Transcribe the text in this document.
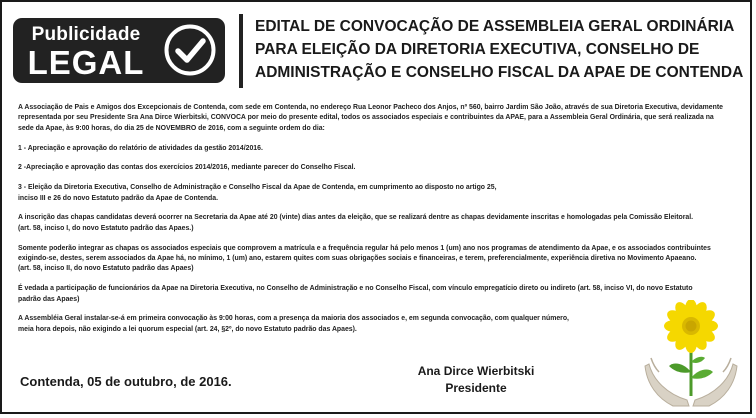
Publicidade
LEGAL
EDITAL DE CONVOCAÇÃO DE ASSEMBLEIA GERAL ORDINÁRIA
PARA ELEIÇÃO DA DIRETORIA EXECUTIVA, CONSELHO DE
ADMINISTRAÇÃO E CONSELHO FISCAL DA APAE DE CONTENDA

A Associação de Pais e Amigos dos Excepcionais de Contenda, com sede em Contenda, no endereço Rua Leonor Pacheco dos Anjos, nº 560, bairro Jardim São João, através de sua Diretoria Executiva, devidamente
representada por seu Presidente Sra Ana Dirce Wierbitski, CONVOCA por meio do presente edital, todos os associados especiais e contribuintes da APAE, para a Assembleia Geral Ordinária, que será realizada na
sede da Apae, às 9:00 horas, do dia 25 de NOVEMBRO de 2016, com a seguinte ordem do dia:

1 - Apreciação e aprovação do relatório de atividades da gestão 2014/2016.

2 -Apreciação e aprovação das contas dos exercícios 2014/2016, mediante parecer do Conselho Fiscal.

3 - Eleição da Diretoria Executiva, Conselho de Administração e Conselho Fiscal da Apae de Contenda, em cumprimento ao disposto no artigo 25,
inciso III e 26 do novo Estatuto padrão da Apae de Contenda.

A inscrição das chapas candidatas deverá ocorrer na Secretaria da Apae até 20 (vinte) dias antes da eleição, que se realizará dentre as chapas devidamente inscritas e homologadas pela Comissão Eleitoral.
(art. 58, inciso I, do novo Estatuto padrão das Apaes.)

Somente poderão integrar as chapas os associados especiais que comprovem a matrícula e a frequência regular há pelo menos 1 (um) ano nos programas de atendimento da Apae, e os associados contribuintes
exigindo-se, destes, serem associados da Apae há, no mínimo, 1 (um) ano, estarem quites com suas obrigações sociais e financeiras, e terem, preferencialmente, experiência diretiva no Movimento Apaeano.
(art. 58, inciso II, do novo Estatuto padrão das Apaes)

É vedada a participação de funcionários da Apae na Diretoria Executiva, no Conselho de Administração e no Conselho Fiscal, com vínculo empregatício direto ou indireto (art. 58, inciso VI, do novo Estatuto
padrão das Apaes)

A Assembléia Geral instalar-se-á em primeira convocação às 9:00 horas, com a presença da maioria dos associados e, em segunda convocação, com qualquer número,
meia hora depois, não exigindo a lei quorum especial (art. 24, §2º, do novo Estatuto padrão das Apaes).

Contenda, 05 de outubro, de 2016.
Ana Dirce Wierbitski
Presidente
